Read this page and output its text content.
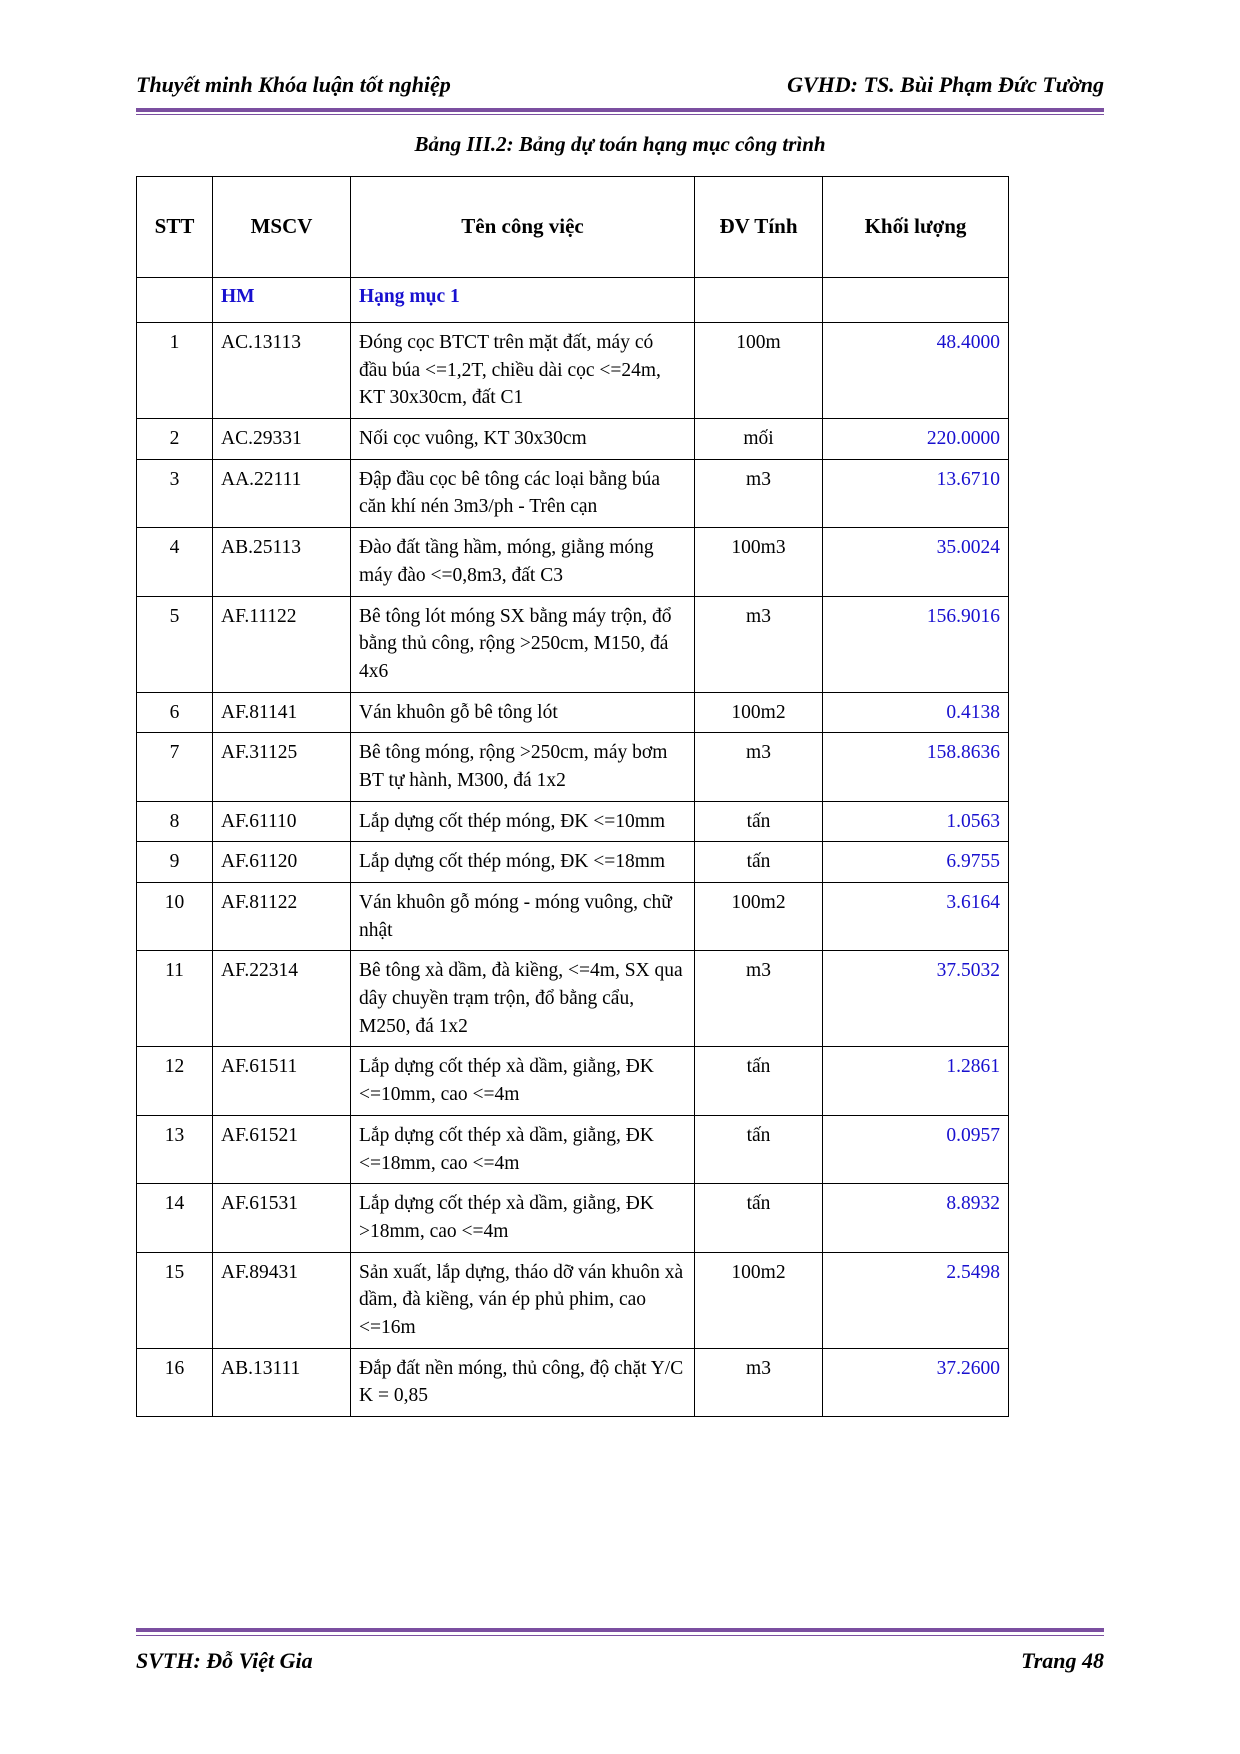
Thuyết minh Khóa luận tốt nghiệp	GVHD: TS. Bùi Phạm Đức Tường
Bảng III.2: Bảng dự toán hạng mục công trình
STT	MSCV	Tên công việc	ĐV Tính	Khối lượng
	HM	Hạng mục 1		
1	AC.13113	Đóng cọc BTCT trên mặt đất, máy có đầu búa <=1,2T, chiều dài cọc <=24m, KT 30x30cm, đất C1	100m	48.4000
2	AC.29331	Nối cọc vuông, KT 30x30cm	mối	220.0000
3	AA.22111	Đập đầu cọc bê tông các loại bằng búa căn khí nén 3m3/ph - Trên cạn	m3	13.6710
4	AB.25113	Đào đất tầng hầm, móng, giằng móng máy đào <=0,8m3, đất C3	100m3	35.0024
5	AF.11122	Bê tông lót móng SX bằng máy trộn, đổ bằng thủ công, rộng >250cm, M150, đá 4x6	m3	156.9016
6	AF.81141	Ván khuôn gỗ bê tông lót	100m2	0.4138
7	AF.31125	Bê tông móng, rộng >250cm, máy bơm BT tự hành, M300, đá 1x2	m3	158.8636
8	AF.61110	Lắp dựng cốt thép móng, ĐK <=10mm	tấn	1.0563
9	AF.61120	Lắp dựng cốt thép móng, ĐK <=18mm	tấn	6.9755
10	AF.81122	Ván khuôn gỗ móng - móng vuông, chữ nhật	100m2	3.6164
11	AF.22314	Bê tông xà dầm, đà kiềng, <=4m, SX qua dây chuyền trạm trộn, đổ bằng cẩu, M250, đá 1x2	m3	37.5032
12	AF.61511	Lắp dựng cốt thép xà dầm, giằng, ĐK <=10mm, cao <=4m	tấn	1.2861
13	AF.61521	Lắp dựng cốt thép xà dầm, giằng, ĐK <=18mm, cao <=4m	tấn	0.0957
14	AF.61531	Lắp dựng cốt thép xà dầm, giằng, ĐK >18mm, cao <=4m	tấn	8.8932
15	AF.89431	Sản xuất, lắp dựng, tháo dỡ ván khuôn xà dầm, đà kiềng, ván ép phủ phim, cao <=16m	100m2	2.5498
16	AB.13111	Đắp đất nền móng, thủ công, độ chặt Y/C K = 0,85	m3	37.2600
SVTH: Đỗ Việt Gia	Trang 48
